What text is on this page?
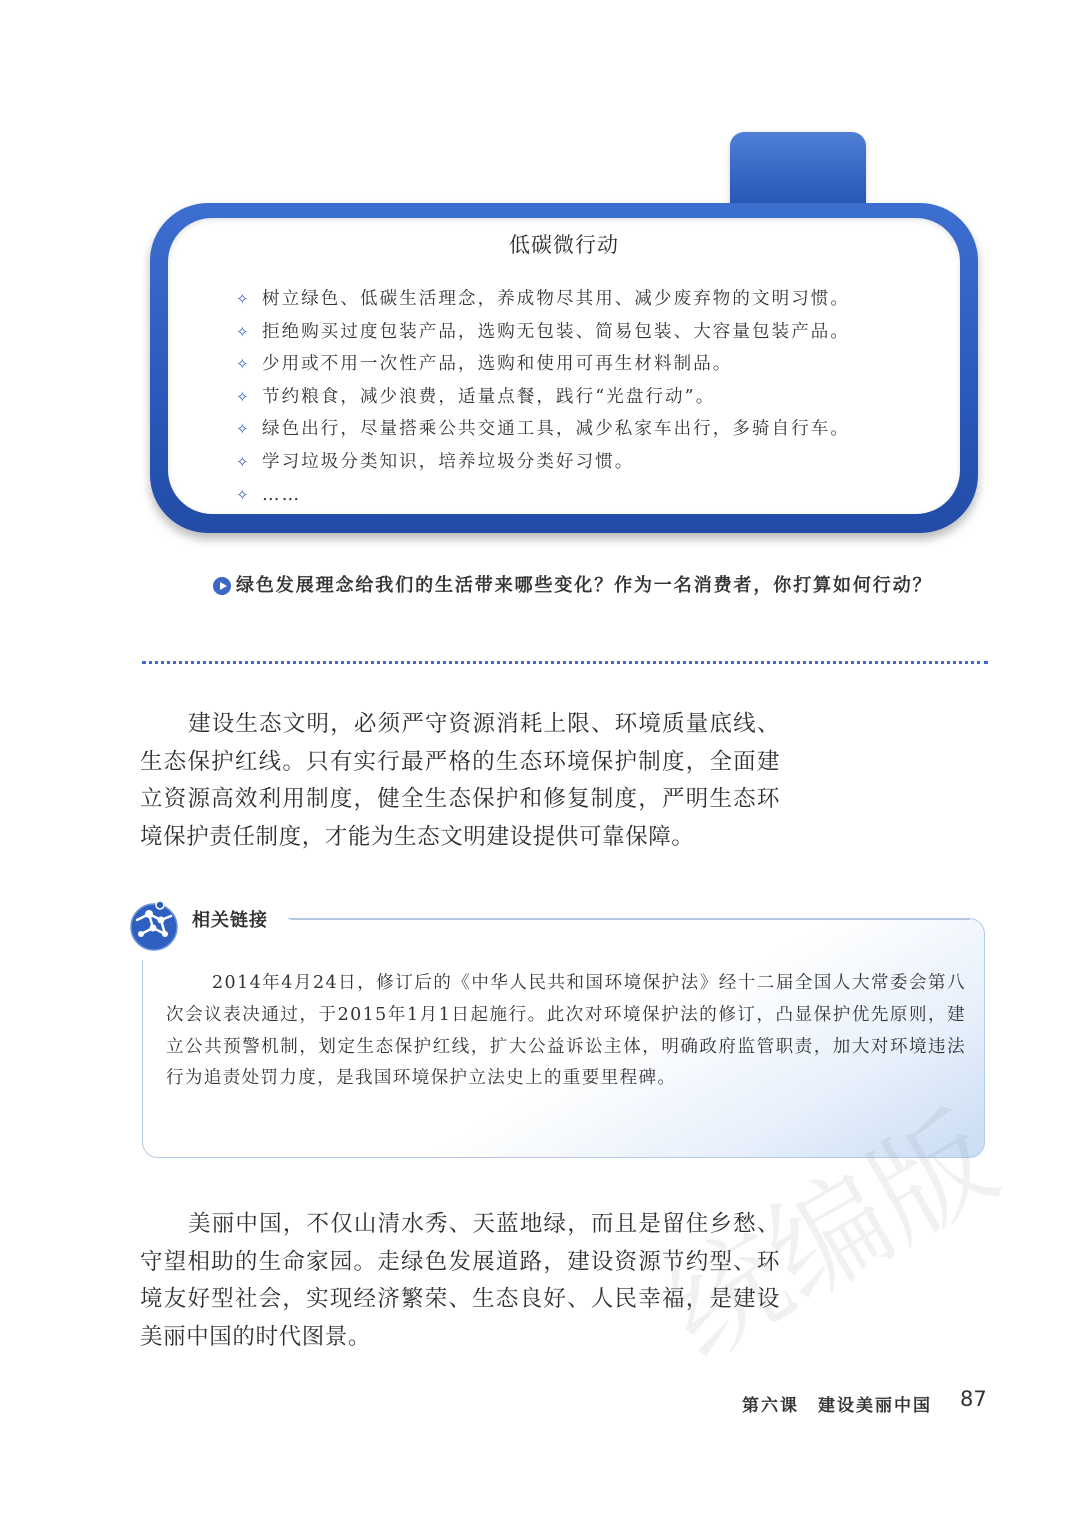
低碳微行动
✧ 树立绿色、低碳生活理念，养成物尽其用、减少废弃物的文明习惯。
✧ 拒绝购买过度包装产品，选购无包装、简易包装、大容量包装产品。
✧ 少用或不用一次性产品，选购和使用可再生材料制品。
✧ 节约粮食，减少浪费，适量点餐，践行“光盘行动”。
✧ 绿色出行，尽量搭乘公共交通工具，减少私家车出行，多骑自行车。
✧ 学习垃圾分类知识，培养垃圾分类好习惯。
✧ ……

绿色发展理念给我们的生活带来哪些变化？作为一名消费者，你打算如何行动？

建设生态文明，必须严守资源消耗上限、环境质量底线、生态保护红线。只有实行最严格的生态环境保护制度，全面建立资源高效利用制度，健全生态保护和修复制度，严明生态环境保护责任制度，才能为生态文明建设提供可靠保障。

相关链接

2014年4月24日，修订后的《中华人民共和国环境保护法》经十二届全国人大常委会第八次会议表决通过，于2015年1月1日起施行。此次对环境保护法的修订，凸显保护优先原则，建立公共预警机制，划定生态保护红线，扩大公益诉讼主体，明确政府监管职责，加大对环境违法行为追责处罚力度，是我国环境保护立法史上的重要里程碑。

美丽中国，不仅山清水秀、天蓝地绿，而且是留住乡愁、守望相助的生命家园。走绿色发展道路，建设资源节约型、环境友好型社会，实现经济繁荣、生态良好、人民幸福，是建设美丽中国的时代图景。	统编版
第六课　建设美丽中国 87
